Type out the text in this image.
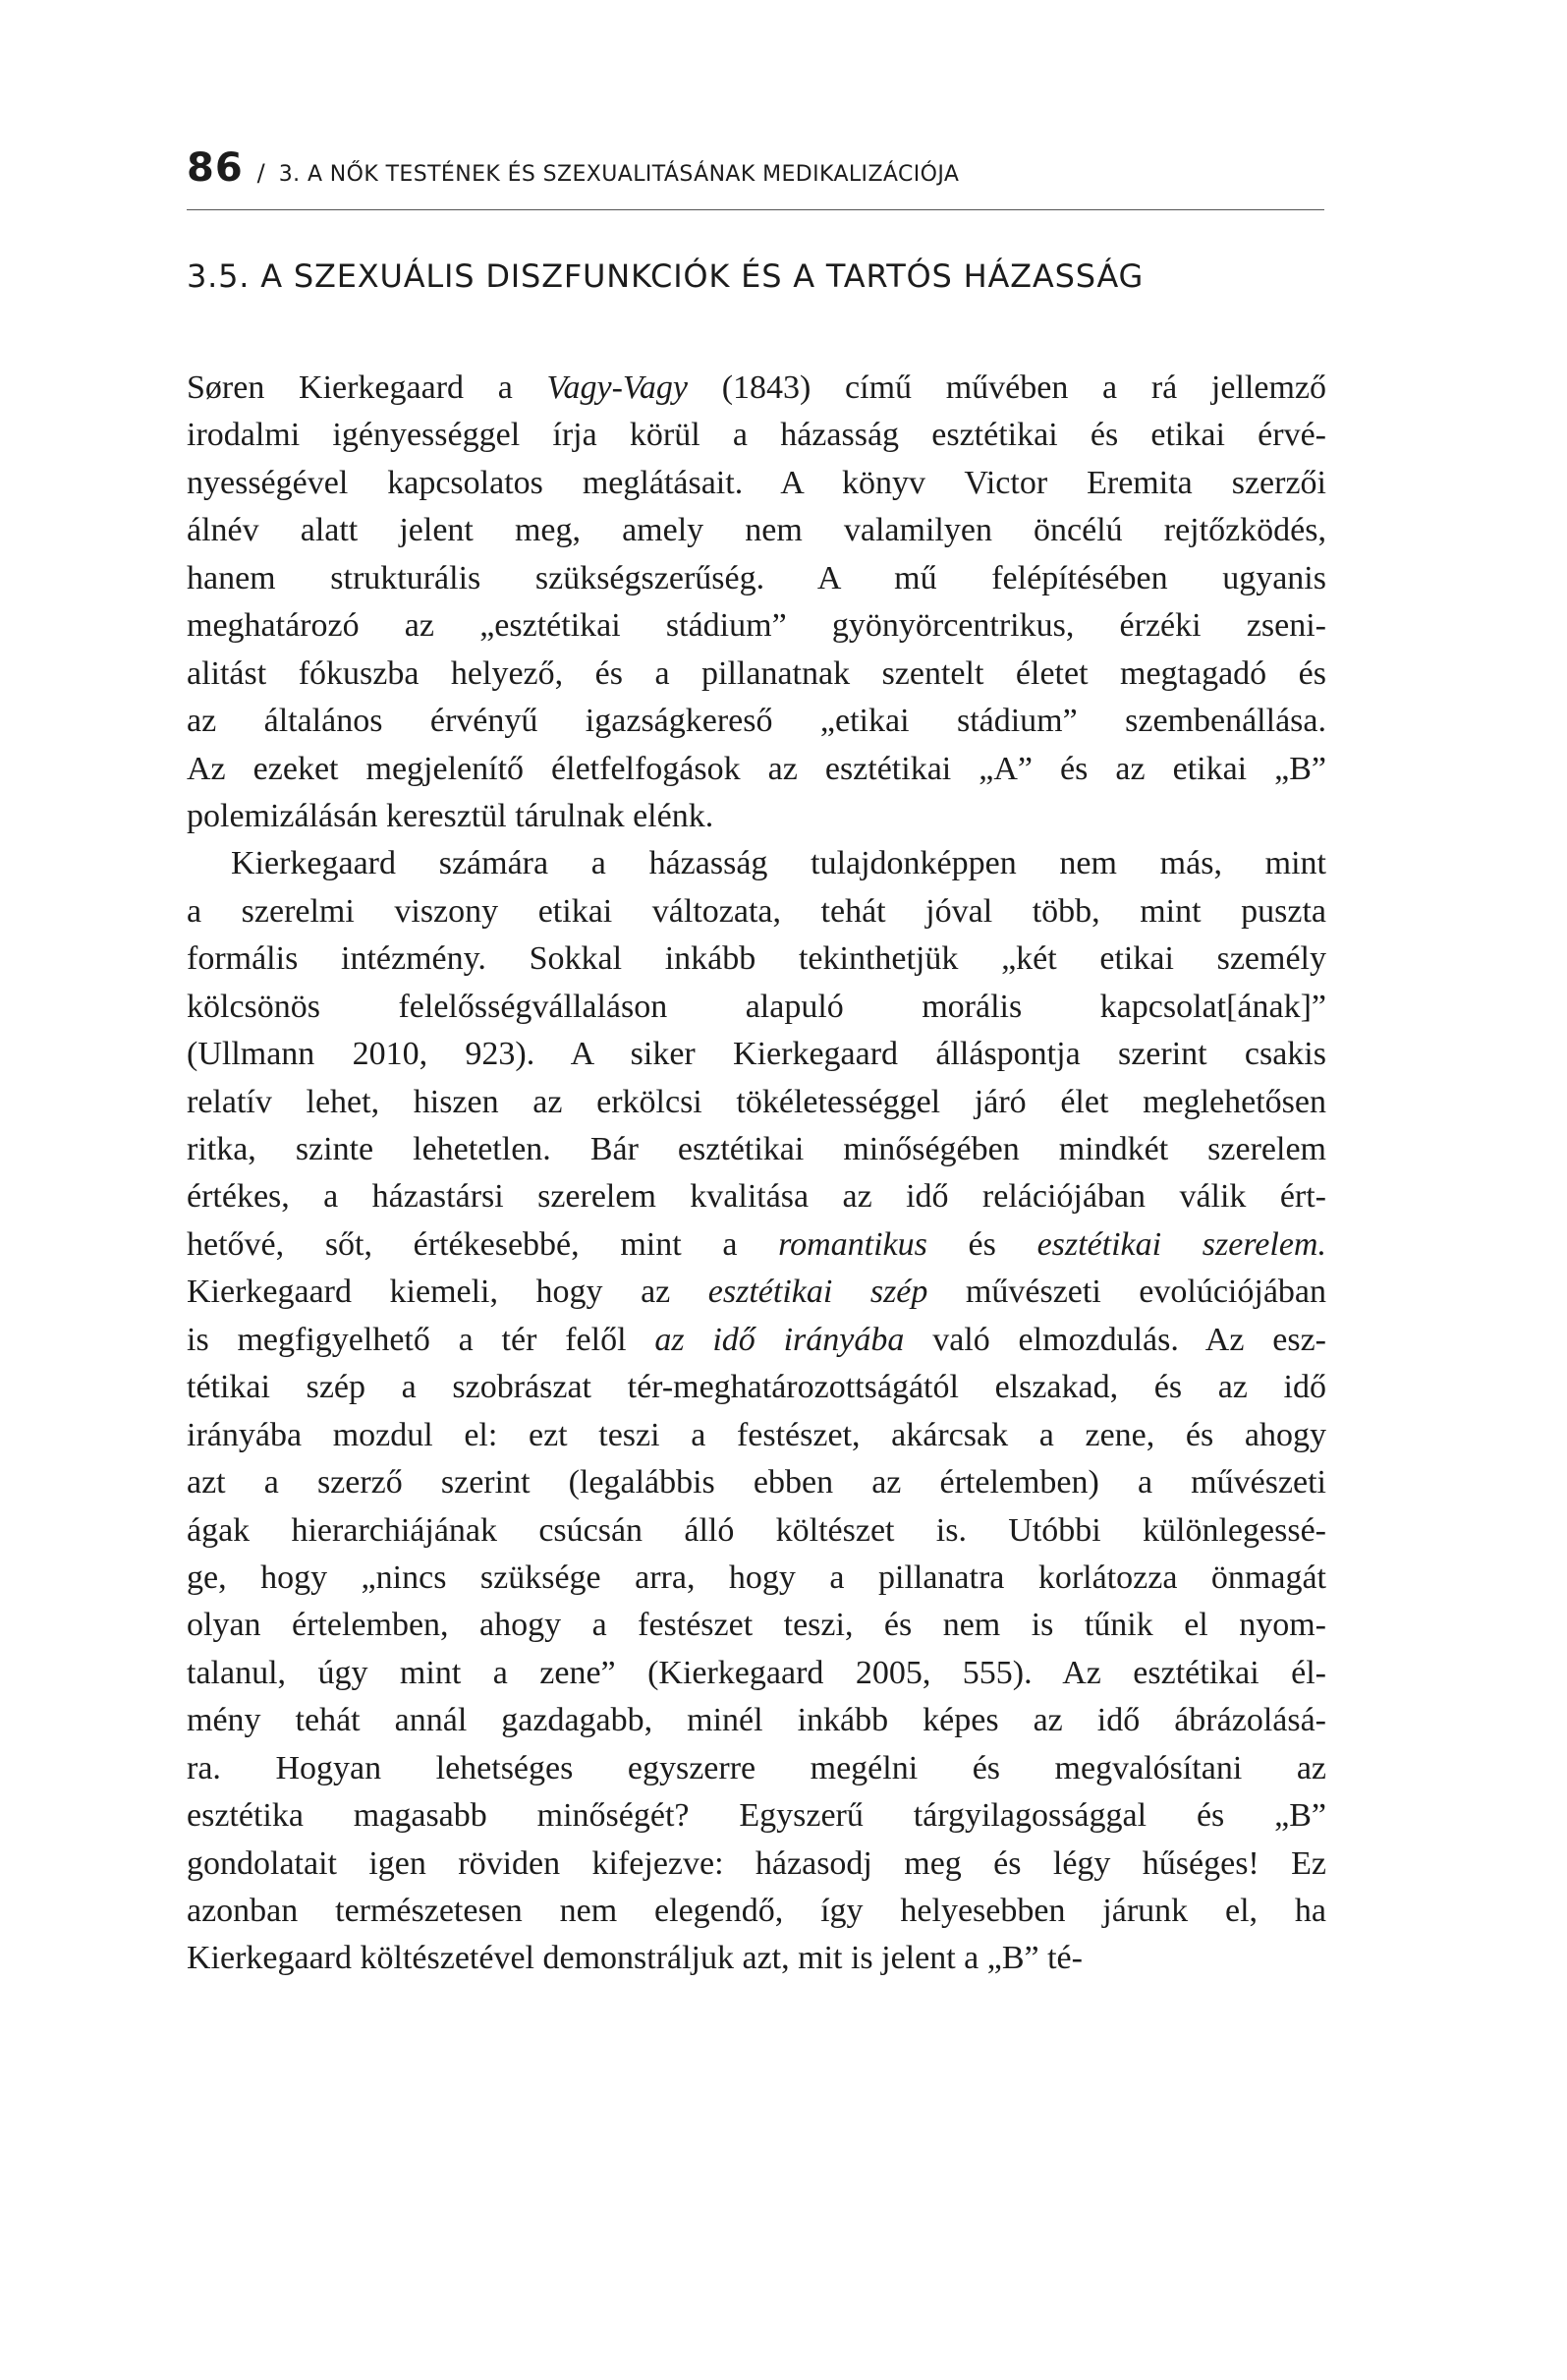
86 / 3. A NŐK TESTÉNEK ÉS SZEXUALITÁSÁNAK MEDIKALIZÁCIÓJA
3.5. A SZEXUÁLIS DISZFUNKCIÓK ÉS A TARTÓS HÁZASSÁG
Søren Kierkegaard a Vagy-Vagy (1843) című művében a rá jellemző
irodalmi igényességgel írja körül a házasság esztétikai és etikai érvé-
nyességével kapcsolatos meglátásait. A könyv Victor Eremita szerzői
álnév alatt jelent meg, amely nem valamilyen öncélú rejtőzködés,
hanem strukturális szükségszerűség. A mű felépítésében ugyanis
meghatározó az „esztétikai stádium” gyönyörcentrikus, érzéki zseni-
alitást fókuszba helyező, és a pillanatnak szentelt életet megtagadó és
az általános érvényű igazságkereső „etikai stádium” szembenállása.
Az ezeket megjelenítő életfelfogások az esztétikai „A” és az etikai „B”
polemizálásán keresztül tárulnak elénk.
Kierkegaard számára a házasság tulajdonképpen nem más, mint
a szerelmi viszony etikai változata, tehát jóval több, mint puszta
formális intézmény. Sokkal inkább tekinthetjük „két etikai személy
kölcsönös felelősségvállaláson alapuló morális kapcsolat[ának]”
(Ullmann 2010, 923). A siker Kierkegaard álláspontja szerint csakis
relatív lehet, hiszen az erkölcsi tökéletességgel járó élet meglehetősen
ritka, szinte lehetetlen. Bár esztétikai minőségében mindkét szerelem
értékes, a házastársi szerelem kvalitása az idő relációjában válik ért-
hetővé, sőt, értékesebbé, mint a romantikus és esztétikai szerelem.
Kierkegaard kiemeli, hogy az esztétikai szép művészeti evolúciójában
is megfigyelhető a tér felől az idő irányába való elmozdulás. Az esz-
tétikai szép a szobrászat tér-meghatározottságától elszakad, és az idő
irányába mozdul el: ezt teszi a festészet, akárcsak a zene, és ahogy
azt a szerző szerint (legalábbis ebben az értelemben) a művészeti
ágak hierarchiájának csúcsán álló költészet is. Utóbbi különlegessé-
ge, hogy „nincs szüksége arra, hogy a pillanatra korlátozza önmagát
olyan értelemben, ahogy a festészet teszi, és nem is tűnik el nyom-
talanul, úgy mint a zene” (Kierkegaard 2005, 555). Az esztétikai él-
mény tehát annál gazdagabb, minél inkább képes az idő ábrázolásá-
ra. Hogyan lehetséges egyszerre megélni és megvalósítani az
esztétika magasabb minőségét? Egyszerű tárgyilagossággal és „B”
gondolatait igen röviden kifejezve: házasodj meg és légy hűséges! Ez
azonban természetesen nem elegendő, így helyesebben járunk el, ha
Kierkegaard költészetével demonstráljuk azt, mit is jelent a „B” té-
